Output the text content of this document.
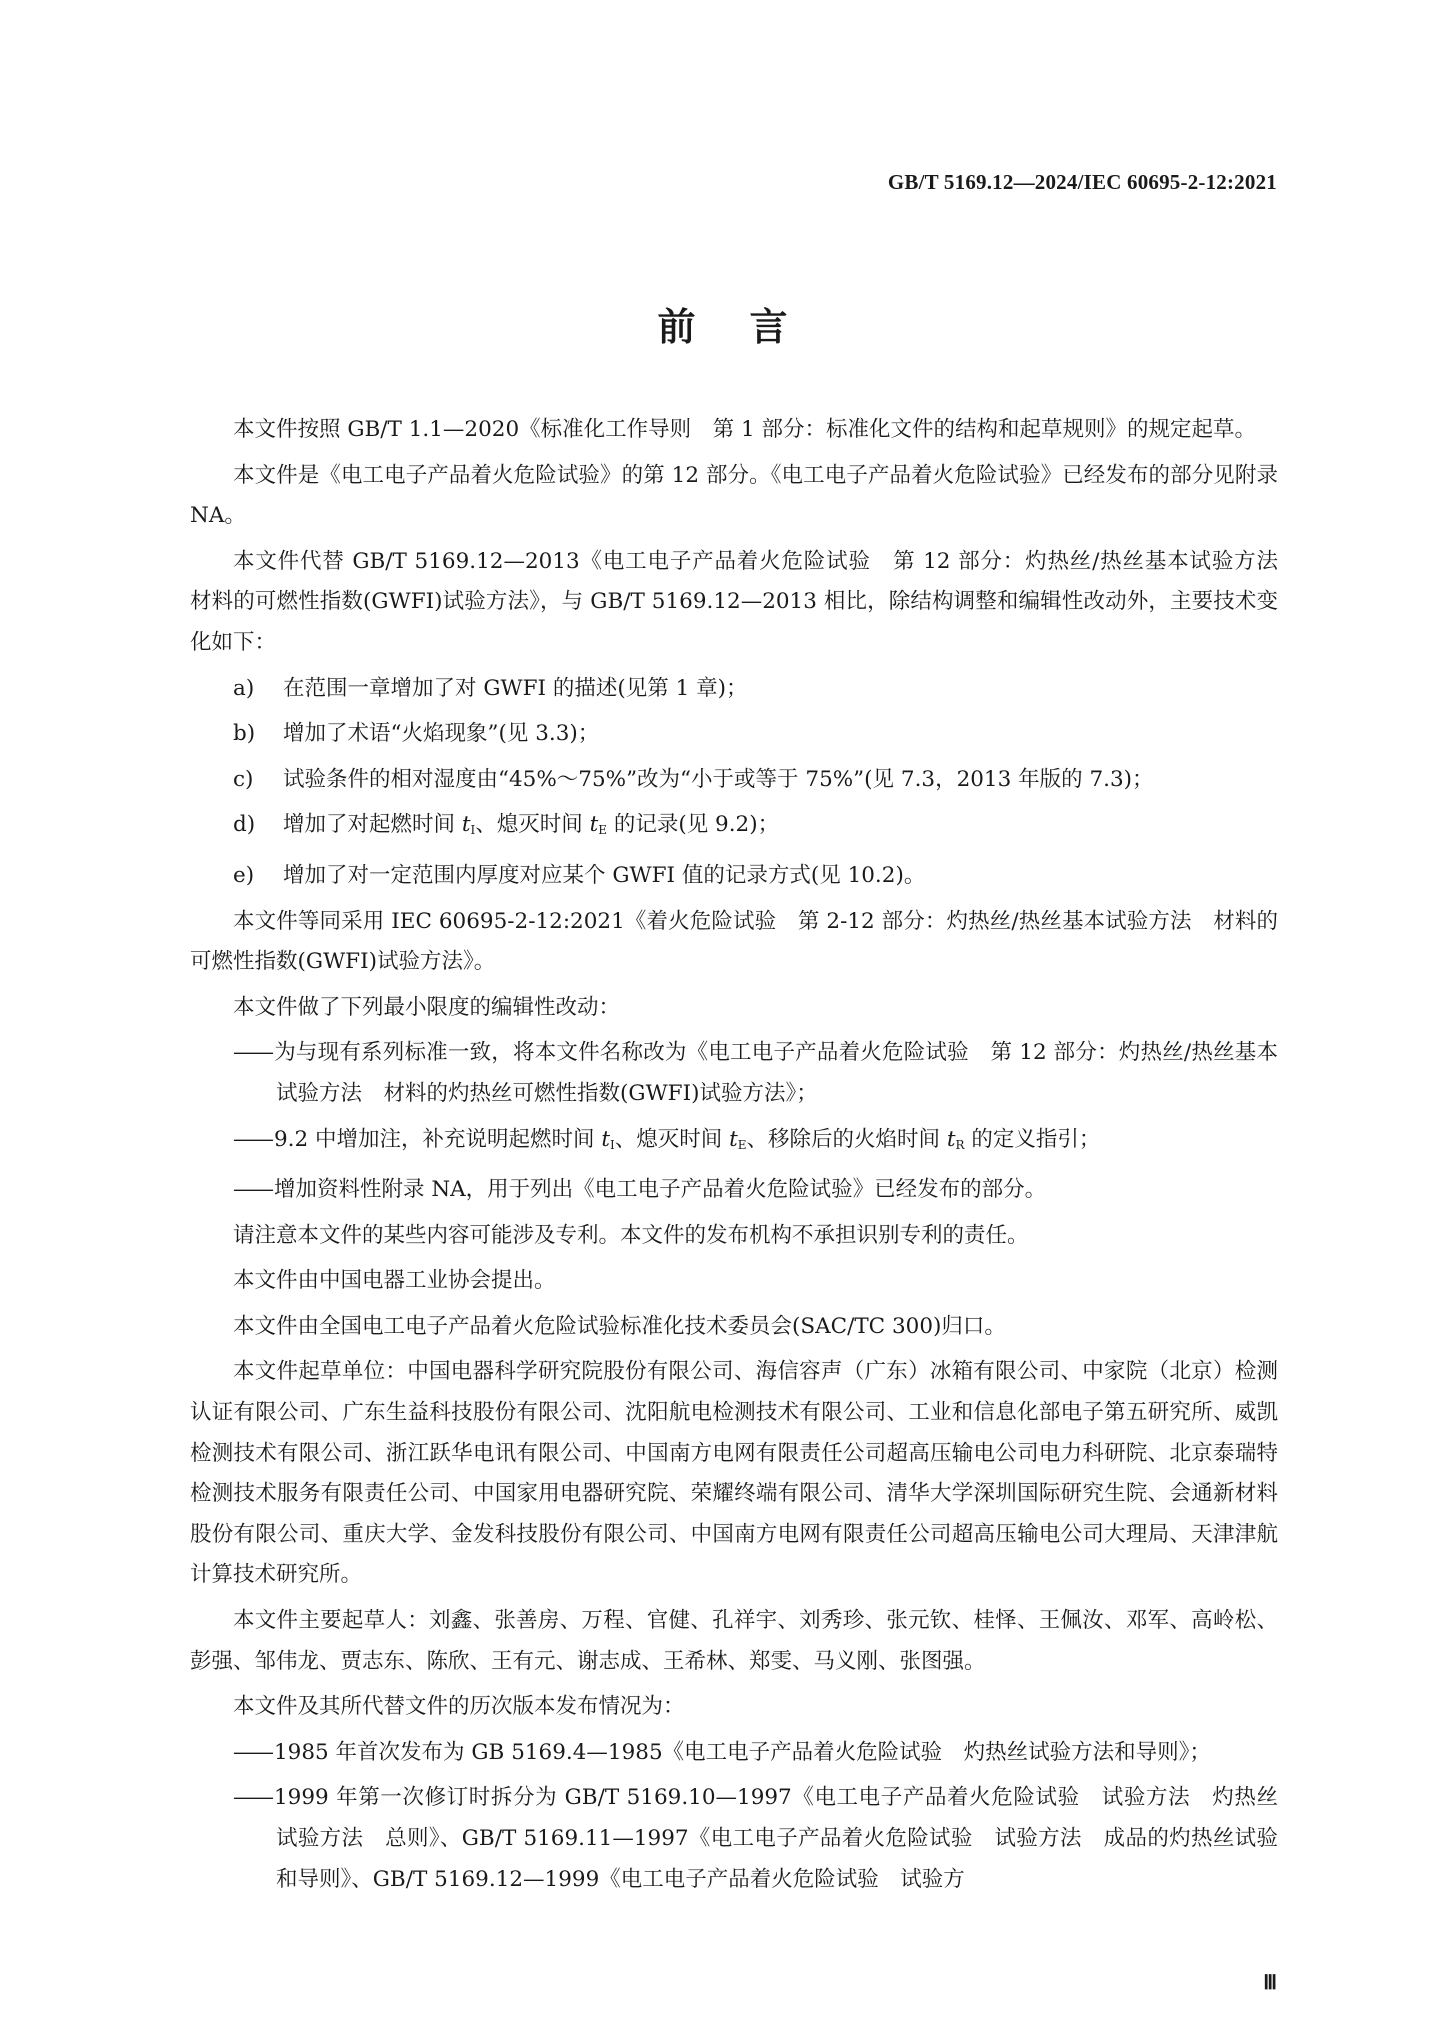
GB/T 5169.12—2024/IEC 60695-2-12:2021
前言

本文件按照 GB/T 1.1—2020《标准化工作导则　第 1 部分：标准化文件的结构和起草规则》的规定起草。

本文件是《电工电子产品着火危险试验》的第 12 部分。《电工电子产品着火危险试验》已经发布的部分见附录 NA。

本文件代替 GB/T 5169.12—2013《电工电子产品着火危险试验　第 12 部分：灼热丝/热丝基本试验方法　材料的可燃性指数(GWFI)试验方法》，与 GB/T 5169.12—2013 相比，除结构调整和编辑性改动外，主要技术变化如下：

a)	在范围一章增加了对 GWFI 的描述(见第 1 章)；
b)	增加了术语“火焰现象”(见 3.3)；
c)	试验条件的相对湿度由“45%～75%”改为“小于或等于 75%”(见 7.3，2013 年版的 7.3)；
d)	增加了对起燃时间 $t_I$、熄灭时间 $t_E$ 的记录(见 9.2)；
e)	增加了对一定范围内厚度对应某个 GWFI 值的记录方式(见 10.2)。

本文件等同采用 IEC 60695-2-12:2021《着火危险试验　第 2-12 部分：灼热丝/热丝基本试验方法　材料的可燃性指数(GWFI)试验方法》。

本文件做了下列最小限度的编辑性改动：

——为与现有系列标准一致，将本文件名称改为《电工电子产品着火危险试验　第 12 部分：灼热丝/热丝基本试验方法　材料的灼热丝可燃性指数(GWFI)试验方法》；

——9.2 中增加注，补充说明起燃时间 $t_I$、熄灭时间 $t_E$、移除后的火焰时间 $t_R$ 的定义指引；

——增加资料性附录 NA，用于列出《电工电子产品着火危险试验》已经发布的部分。

请注意本文件的某些内容可能涉及专利。本文件的发布机构不承担识别专利的责任。

本文件由中国电器工业协会提出。

本文件由全国电工电子产品着火危险试验标准化技术委员会(SAC/TC 300)归口。

本文件起草单位：中国电器科学研究院股份有限公司、海信容声（广东）冰箱有限公司、中家院（北京）检测认证有限公司、广东生益科技股份有限公司、沈阳航电检测技术有限公司、工业和信息化部电子第五研究所、威凯检测技术有限公司、浙江跃华电讯有限公司、中国南方电网有限责任公司超高压输电公司电力科研院、北京泰瑞特检测技术服务有限责任公司、中国家用电器研究院、荣耀终端有限公司、清华大学深圳国际研究生院、会通新材料股份有限公司、重庆大学、金发科技股份有限公司、中国南方电网有限责任公司超高压输电公司大理局、天津津航计算技术研究所。

本文件主要起草人：刘鑫、张善房、万程、官健、孔祥宇、刘秀珍、张元钦、桂怿、王佩汝、邓军、高岭松、彭强、邹伟龙、贾志东、陈欣、王有元、谢志成、王希林、郑雯、马义刚、张图强。

本文件及其所代替文件的历次版本发布情况为：

——1985 年首次发布为 GB 5169.4—1985《电工电子产品着火危险试验　灼热丝试验方法和导则》；

——1999 年第一次修订时拆分为 GB/T 5169.10—1997《电工电子产品着火危险试验　试验方法　灼热丝试验方法　总则》、GB/T 5169.11—1997《电工电子产品着火危险试验　试验方法　成品的灼热丝试验和导则》、GB/T 5169.12—1999《电工电子产品着火危险试验　试验方

Ⅲ
